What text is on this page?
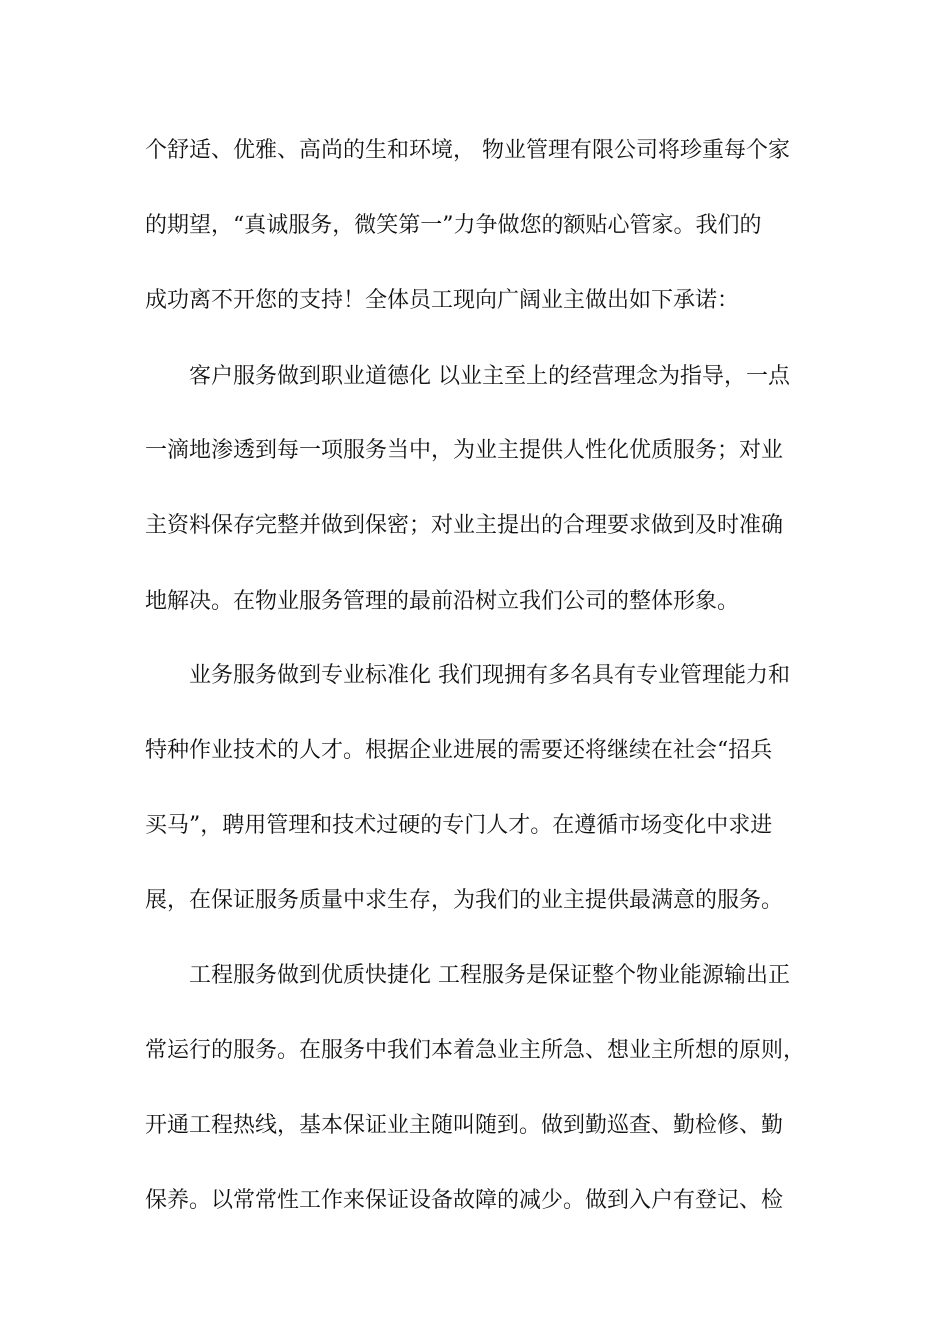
个舒适、优雅、高尚的生和环境， 物业管理有限公司将珍重每个家
的期望，“真诚服务，微笑第一”力争做您的额贴心管家。我们的
成功离不开您的支持！全体员工现向广阔业主做出如下承诺：
客户服务做到职业道德化 以业主至上的经营理念为指导，一点
一滴地渗透到每一项服务当中，为业主提供人性化优质服务；对业
主资料保存完整并做到保密；对业主提出的合理要求做到及时准确
地解决。在物业服务管理的最前沿树立我们公司的整体形象。
业务服务做到专业标准化 我们现拥有多名具有专业管理能力和
特种作业技术的人才。根据企业进展的需要还将继续在社会“招兵
买马”，聘用管理和技术过硬的专门人才。在遵循市场变化中求进
展，在保证服务质量中求生存，为我们的业主提供最满意的服务。
工程服务做到优质快捷化 工程服务是保证整个物业能源输出正
常运行的服务。在服务中我们本着急业主所急、想业主所想的原则，
开通工程热线，基本保证业主随叫随到。做到勤巡查、勤检修、勤
保养。以常常性工作来保证设备故障的减少。做到入户有登记、检
